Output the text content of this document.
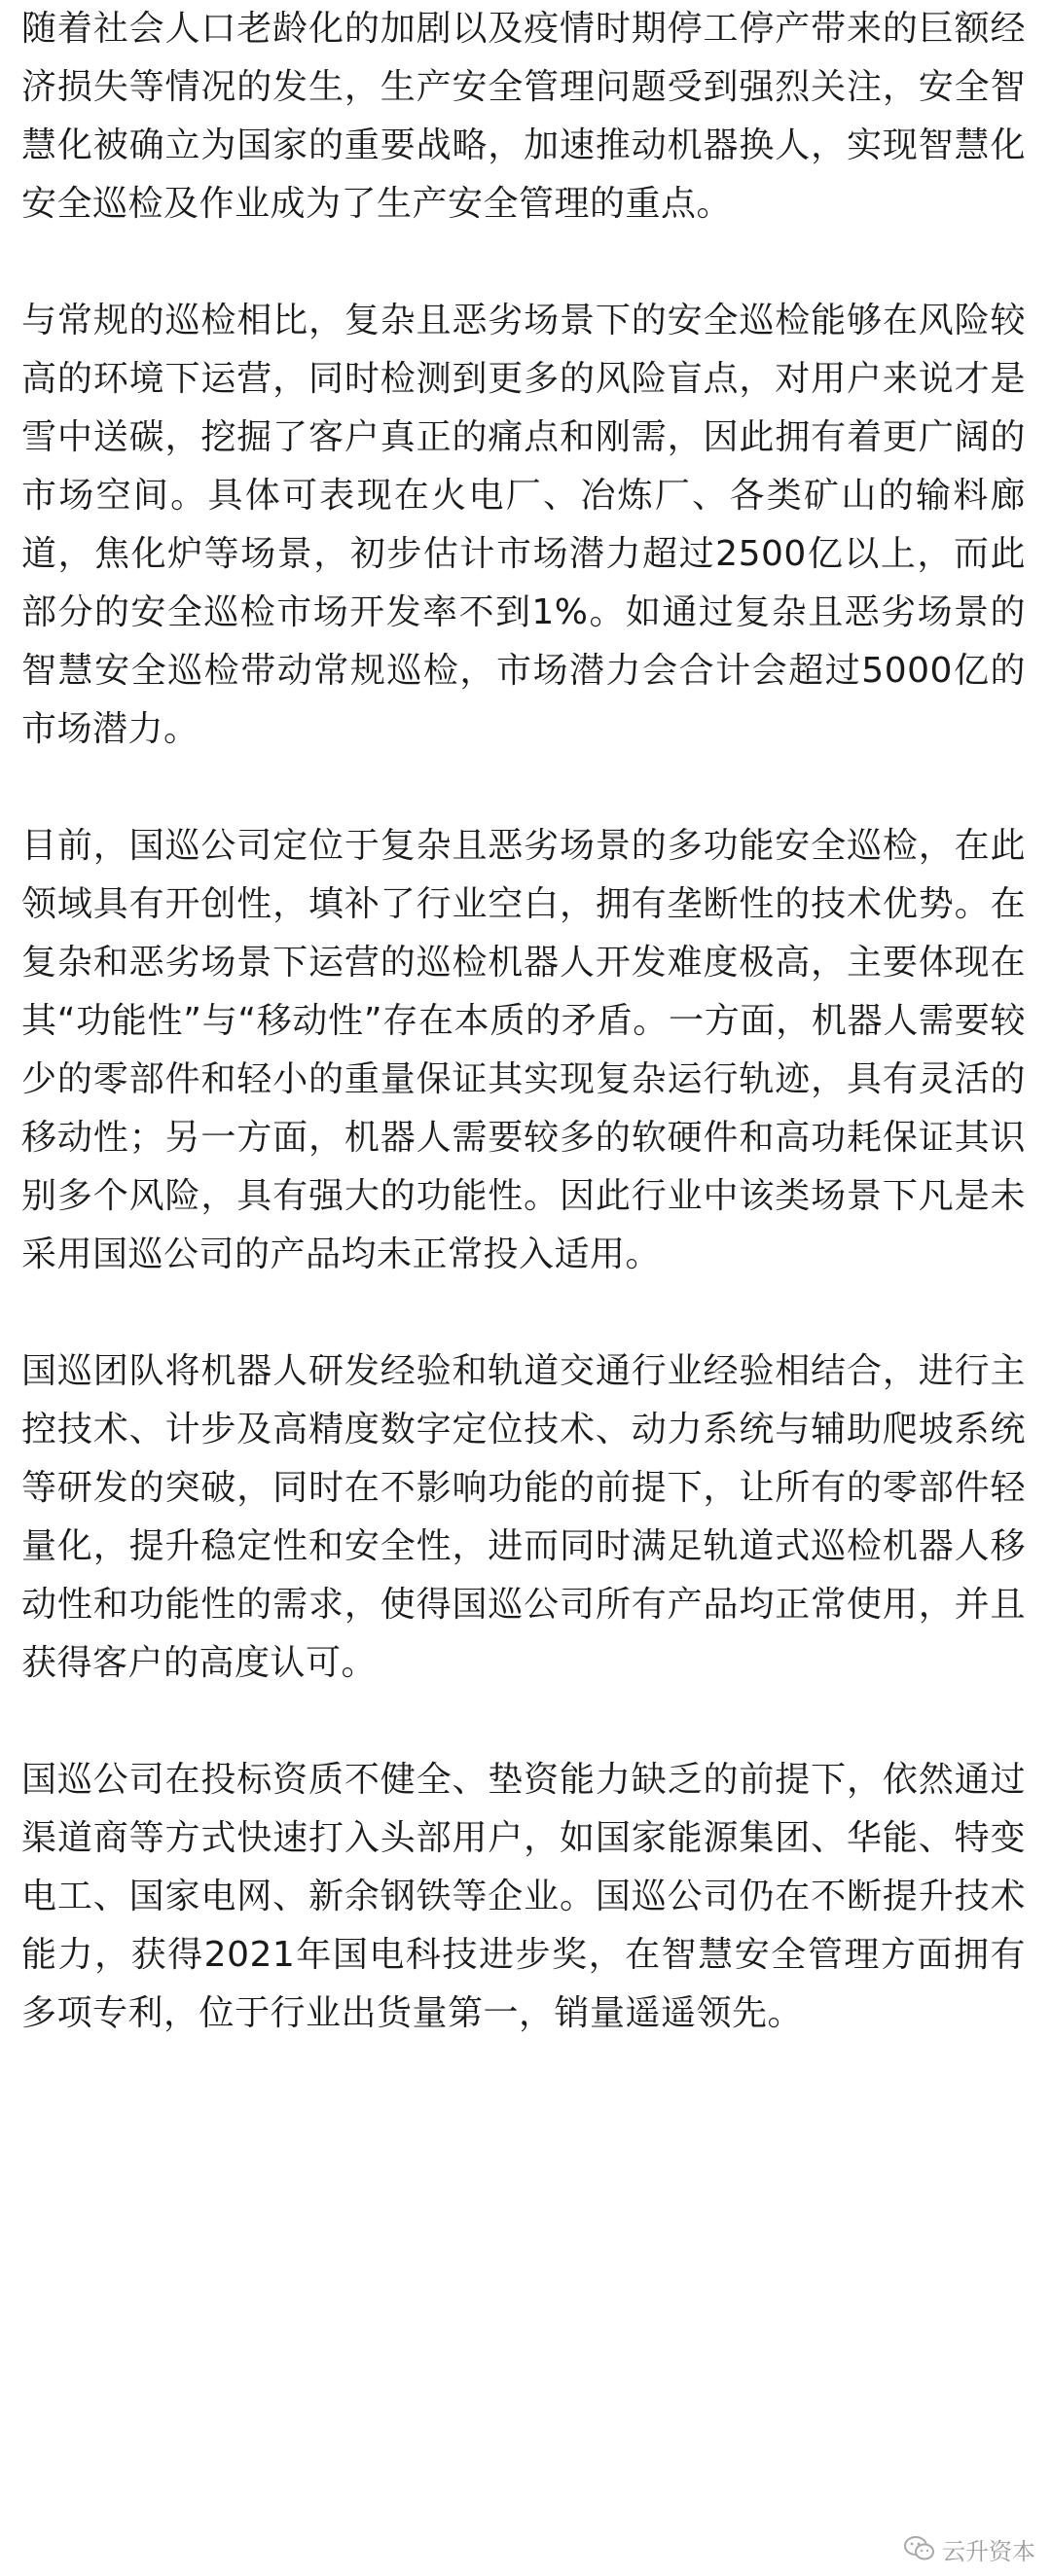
随着社会人口老龄化的加剧以及疫情时期停工停产带来的巨额经济损失等情况的发生，生产安全管理问题受到强烈关注，安全智慧化被确立为国家的重要战略，加速推动机器换人，实现智慧化安全巡检及作业成为了生产安全管理的重点。

与常规的巡检相比，复杂且恶劣场景下的安全巡检能够在风险较高的环境下运营，同时检测到更多的风险盲点，对用户来说才是雪中送碳，挖掘了客户真正的痛点和刚需，因此拥有着更广阔的市场空间。具体可表现在火电厂、冶炼厂、各类矿山的输料廊道，焦化炉等场景，初步估计市场潜力超过2500亿以上，而此部分的安全巡检市场开发率不到1%。如通过复杂且恶劣场景的智慧安全巡检带动常规巡检，市场潜力会合计会超过5000亿的市场潜力。

目前，国巡公司定位于复杂且恶劣场景的多功能安全巡检，在此领域具有开创性，填补了行业空白，拥有垄断性的技术优势。在复杂和恶劣场景下运营的巡检机器人开发难度极高，主要体现在其“功能性”与“移动性”存在本质的矛盾。一方面，机器人需要较少的零部件和轻小的重量保证其实现复杂运行轨迹，具有灵活的移动性；另一方面，机器人需要较多的软硬件和高功耗保证其识别多个风险，具有强大的功能性。因此行业中该类场景下凡是未采用国巡公司的产品均未正常投入适用。

国巡团队将机器人研发经验和轨道交通行业经验相结合，进行主控技术、计步及高精度数字定位技术、动力系统与辅助爬坡系统等研发的突破，同时在不影响功能的前提下，让所有的零部件轻量化，提升稳定性和安全性，进而同时满足轨道式巡检机器人移动性和功能性的需求，使得国巡公司所有产品均正常使用，并且获得客户的高度认可。

国巡公司在投标资质不健全、垫资能力缺乏的前提下，依然通过渠道商等方式快速打入头部用户，如国家能源集团、华能、特变电工、国家电网、新余钢铁等企业。国巡公司仍在不断提升技术能力，获得2021年国电科技进步奖，在智慧安全管理方面拥有多项专利，位于行业出货量第一，销量遥遥领先。

云升资本
